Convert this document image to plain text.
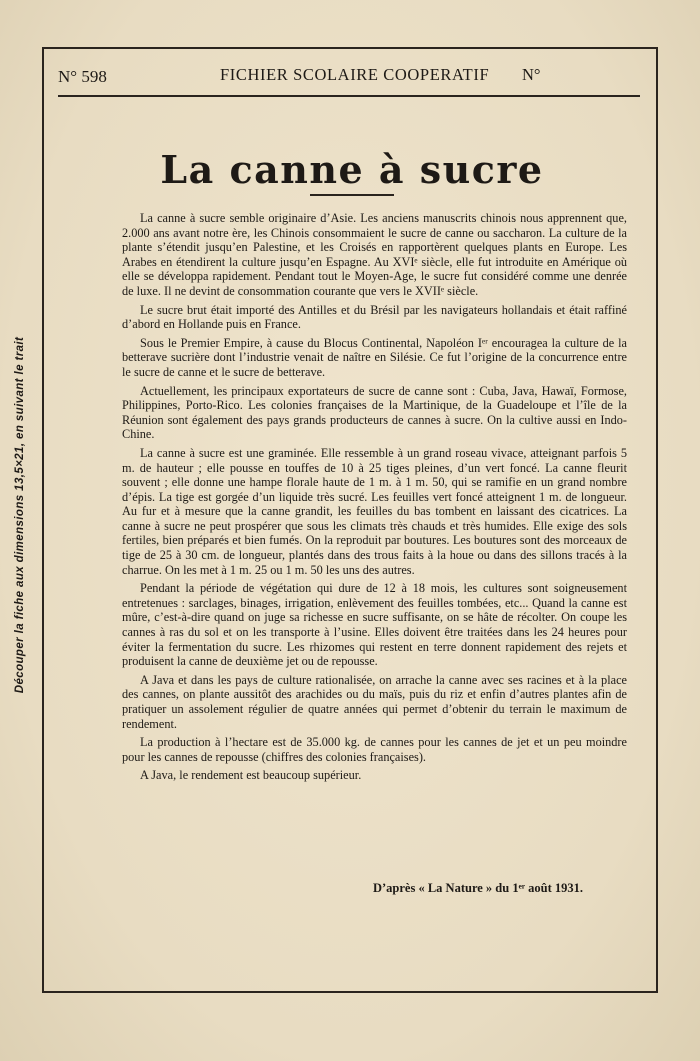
Découper la fiche aux dimensions 13,5×21, en suivant le trait
N° 598	FICHIER SCOLAIRE COOPERATIF N°
La canne à sucre

La canne à sucre semble originaire d’Asie. Les anciens manuscrits chinois nous apprennent que, 2.000 ans avant notre ère, les Chinois consommaient le sucre de canne ou saccharon. La culture de la plante s’étendit jusqu’en Palestine, et les Croisés en rapportèrent quelques plants en Europe. Les Arabes en étendirent la culture jusqu’en Espagne. Au XVIᵉ siècle, elle fut introduite en Amérique où elle se développa rapidement. Pendant tout le Moyen-Age, le sucre fut considéré comme une denrée de luxe. Il ne devint de consommation courante que vers le XVIIᵉ siècle.

Le sucre brut était importé des Antilles et du Brésil par les navigateurs hollandais et était raffiné d’abord en Hollande puis en France.

Sous le Premier Empire, à cause du Blocus Continental, Napoléon Iᵉʳ encouragea la culture de la betterave sucrière dont l’industrie venait de naître en Silésie. Ce fut l’origine de la concurrence entre le sucre de canne et le sucre de betterave.

Actuellement, les principaux exportateurs de sucre de canne sont : Cuba, Java, Hawaï, Formose, Philippines, Porto-Rico. Les colonies françaises de la Martinique, de la Guadeloupe et l’île de la Réunion sont également des pays grands producteurs de cannes à sucre. On la cultive aussi en Indo-Chine.

La canne à sucre est une graminée. Elle ressemble à un grand roseau vivace, atteignant parfois 5 m. de hauteur ; elle pousse en touffes de 10 à 25 tiges pleines, d’un vert foncé. La canne fleurit souvent ; elle donne une hampe florale haute de 1 m. à 1 m. 50, qui se ramifie en un grand nombre d’épis. La tige est gorgée d’un liquide très sucré. Les feuilles vert foncé atteignent 1 m. de longueur. Au fur et à mesure que la canne grandit, les feuilles du bas tombent en laissant des cicatrices. La canne à sucre ne peut prospérer que sous les climats très chauds et très humides. Elle exige des sols fertiles, bien préparés et bien fumés. On la reproduit par boutures. Les boutures sont des morceaux de tige de 25 à 30 cm. de longueur, plantés dans des trous faits à la houe ou dans des sillons tracés à la charrue. On les met à 1 m. 25 ou 1 m. 50 les uns des autres.

Pendant la période de végétation qui dure de 12 à 18 mois, les cultures sont soigneusement entretenues : sarclages, binages, irrigation, enlèvement des feuilles tombées, etc... Quand la canne est mûre, c’est-à-dire quand on juge sa richesse en sucre suffisante, on se hâte de récolter. On coupe les cannes à ras du sol et on les transporte à l’usine. Elles doivent être traitées dans les 24 heures pour éviter la fermentation du sucre. Les rhizomes qui restent en terre donnent rapidement des rejets et produisent la canne de deuxième jet ou de repousse.

A Java et dans les pays de culture rationalisée, on arrache la canne avec ses racines et à la place des cannes, on plante aussitôt des arachides ou du maïs, puis du riz et enfin d’autres plantes afin de pratiquer un assolement régulier de quatre années qui permet d’obtenir du terrain le maximum de rendement.

La production à l’hectare est de 35.000 kg. de cannes pour les cannes de jet et un peu moindre pour les cannes de repousse (chiffres des colonies françaises).

A Java, le rendement est beaucoup supérieur.

D’après « La Nature » du 1ᵉʳ août 1931.
